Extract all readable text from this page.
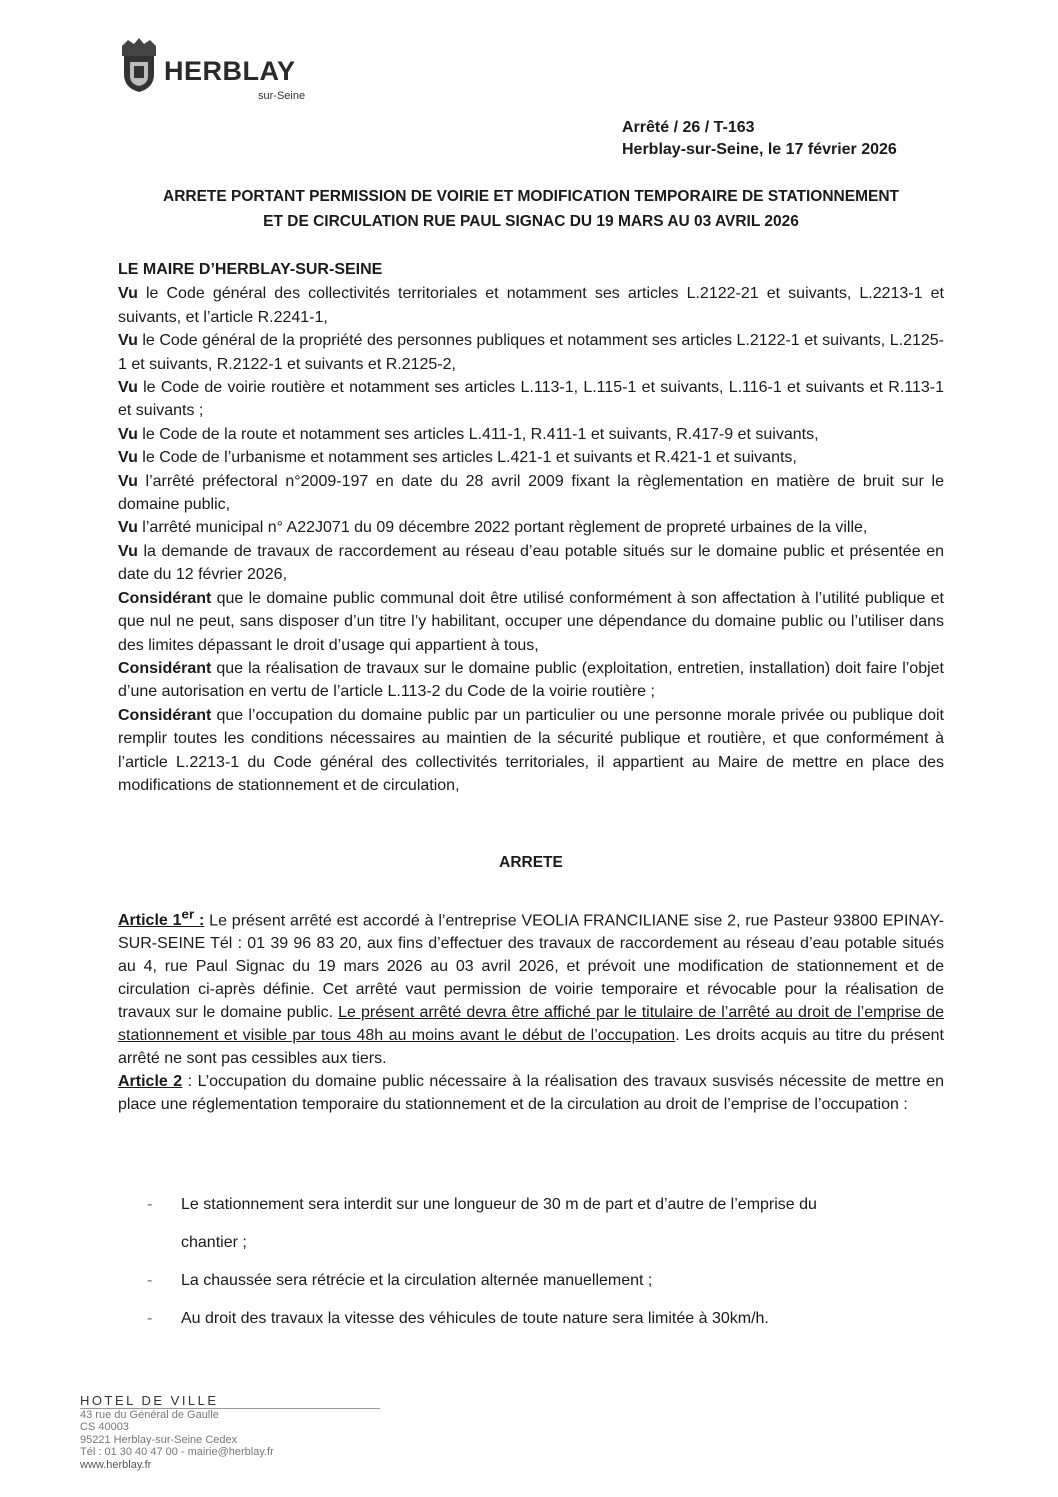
HERBLAY
sur-Seine
Arrêté / 26 / T-163
Herblay-sur-Seine, le 17 février 2026
ARRETE PORTANT PERMISSION DE VOIRIE ET MODIFICATION TEMPORAIRE DE STATIONNEMENT
ET DE CIRCULATION RUE PAUL SIGNAC DU 19 MARS AU 03 AVRIL 2026

LE MAIRE D’HERBLAY-SUR-SEINE

Vu le Code général des collectivités territoriales et notamment ses articles L.2122-21 et suivants, L.2213-1 et suivants, et l’article R.2241-1,

Vu le Code général de la propriété des personnes publiques et notamment ses articles L.2122-1 et suivants, L.2125-1 et suivants, R.2122-1 et suivants et R.2125-2,

Vu le Code de voirie routière et notamment ses articles L.113-1, L.115-1 et suivants, L.116-1 et suivants et R.113-1 et suivants ;

Vu le Code de la route et notamment ses articles L.411-1, R.411-1 et suivants, R.417-9 et suivants,

Vu le Code de l’urbanisme et notamment ses articles L.421-1 et suivants et R.421-1 et suivants,

Vu l’arrêté préfectoral n°2009-197 en date du 28 avril 2009 fixant la règlementation en matière de bruit sur le domaine public,

Vu l’arrêté municipal n° A22J071 du 09 décembre 2022 portant règlement de propreté urbaines de la ville,

Vu la demande de travaux de raccordement au réseau d’eau potable situés sur le domaine public et présentée en date du 12 février 2026,

Considérant que le domaine public communal doit être utilisé conformément à son affectation à l’utilité publique et que nul ne peut, sans disposer d’un titre l’y habilitant, occuper une dépendance du domaine public ou l’utiliser dans des limites dépassant le droit d’usage qui appartient à tous,

Considérant que la réalisation de travaux sur le domaine public (exploitation, entretien, installation) doit faire l’objet d’une autorisation en vertu de l’article L.113-2 du Code de la voirie routière ;

Considérant que l’occupation du domaine public par un particulier ou une personne morale privée ou publique doit remplir toutes les conditions nécessaires au maintien de la sécurité publique et routière, et que conformément à l’article L.2213-1 du Code général des collectivités territoriales, il appartient au Maire de mettre en place des modifications de stationnement et de circulation,

ARRETE

Article 1er : Le présent arrêté est accordé à l’entreprise VEOLIA FRANCILIANE sise 2, rue Pasteur 93800 EPINAY-SUR-SEINE Tél : 01 39 96 83 20, aux fins d’effectuer des travaux de raccordement au réseau d’eau potable situés au 4, rue Paul Signac du 19 mars 2026 au 03 avril 2026, et prévoit une modification de stationnement et de circulation ci-après définie. Cet arrêté vaut permission de voirie temporaire et révocable pour la réalisation de travaux sur le domaine public. Le présent arrêté devra être affiché par le titulaire de l’arrêté au droit de l’emprise de stationnement et visible par tous 48h au moins avant le début de l’occupation. Les droits acquis au titre du présent arrêté ne sont pas cessibles aux tiers.

Article 2 : L’occupation du domaine public nécessaire à la réalisation des travaux susvisés nécessite de mettre en place une réglementation temporaire du stationnement et de la circulation au droit de l’emprise de l’occupation :

- Le stationnement sera interdit sur une longueur de 30 m de part et d’autre de l’emprise du
chantier ;
- La chaussée sera rétrécie et la circulation alternée manuellement ;
- Au droit des travaux la vitesse des véhicules de toute nature sera limitée à 30km/h.
HOTEL DE VILLE
43 rue du Général de Gaulle
CS 40003
95221 Herblay-sur-Seine Cedex
Tél : 01 30 40 47 00 - mairie@herblay.fr
www.herblay.fr
